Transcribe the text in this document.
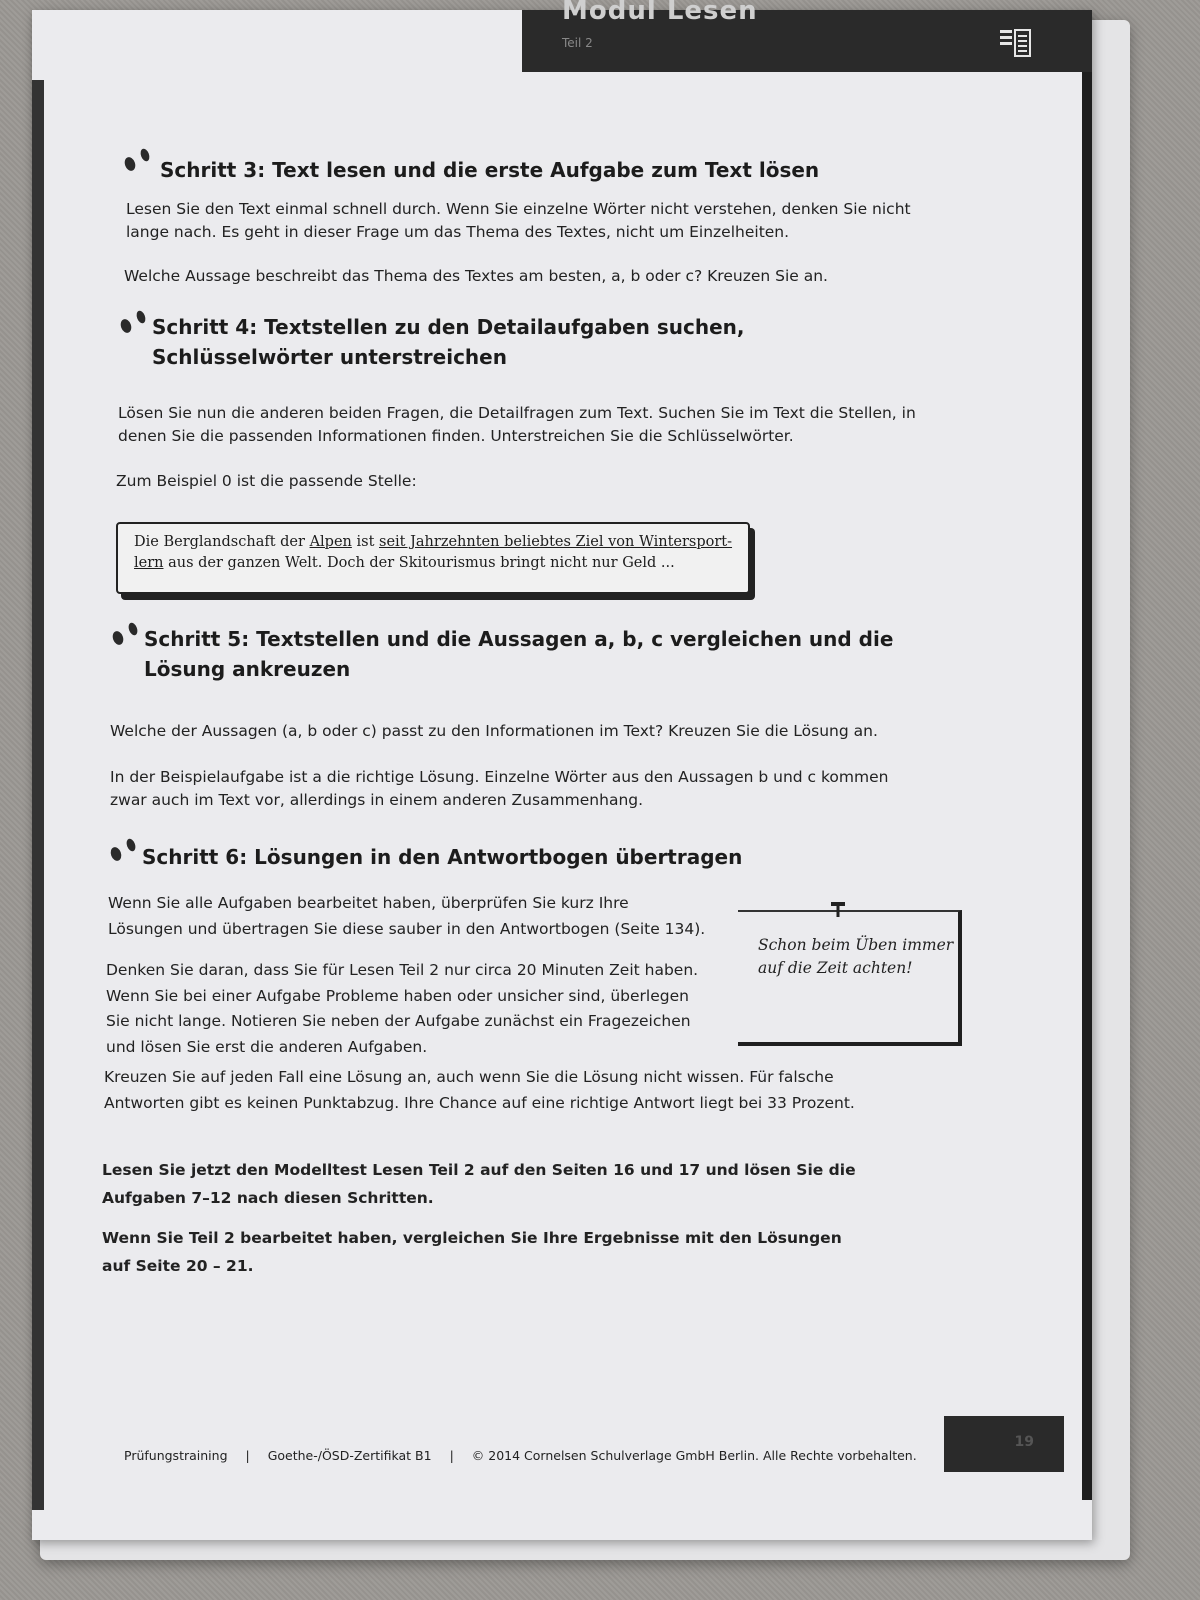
Modul Lesen
Teil 2
Schritt 3: Text lesen und die erste Aufgabe zum Text lösen

Lesen Sie den Text einmal schnell durch. Wenn Sie einzelne Wörter nicht verstehen, denken Sie nicht lange nach. Es geht in dieser Frage um das Thema des Textes, nicht um Einzelheiten.

Welche Aussage beschreibt das Thema des Textes am besten, a, b oder c? Kreuzen Sie an.

Schritt 4: Textstellen zu den Detailaufgaben suchen, Schlüsselwörter unterstreichen

Lösen Sie nun die anderen beiden Fragen, die Detailfragen zum Text. Suchen Sie im Text die Stellen, in denen Sie die passenden Informationen finden. Unterstreichen Sie die Schlüsselwörter.

Zum Beispiel 0 ist die passende Stelle:

Die Berglandschaft der Alpen ist seit Jahrzehnten beliebtes Ziel von Wintersport-lern aus der ganzen Welt. Doch der Skitourismus bringt nicht nur Geld ...
Schritt 5: Textstellen und die Aussagen a, b, c vergleichen und die Lösung ankreuzen

Welche der Aussagen (a, b oder c) passt zu den Informationen im Text? Kreuzen Sie die Lösung an.

In der Beispielaufgabe ist a die richtige Lösung. Einzelne Wörter aus den Aussagen b und c kommen zwar auch im Text vor, allerdings in einem anderen Zusammenhang.

Schritt 6: Lösungen in den Antwortbogen übertragen

Wenn Sie alle Aufgaben bearbeitet haben, überprüfen Sie kurz Ihre Lösungen und übertragen Sie diese sauber in den Antwortbogen (Seite 134).

Denken Sie daran, dass Sie für Lesen Teil 2 nur circa 20 Minuten Zeit haben. Wenn Sie bei einer Aufgabe Probleme haben oder unsicher sind, überlegen Sie nicht lange. Notieren Sie neben der Aufgabe zunächst ein Fragezeichen und lösen Sie erst die anderen Aufgaben.

Schon beim Üben immer auf die Zeit achten!

Kreuzen Sie auf jeden Fall eine Lösung an, auch wenn Sie die Lösung nicht wissen. Für falsche Antworten gibt es keinen Punktabzug. Ihre Chance auf eine richtige Antwort liegt bei 33 Prozent.

Lesen Sie jetzt den Modelltest Lesen Teil 2 auf den Seiten 16 und 17 und lösen Sie die Aufgaben 7–12 nach diesen Schritten.

Wenn Sie Teil 2 bearbeitet haben, vergleichen Sie Ihre Ergebnisse mit den Lösungen auf Seite 20 – 21.

Prüfungstraining | Goethe-/ÖSD-Zertifikat B1 | © 2014 Cornelsen Schulverlage GmbH Berlin. Alle Rechte vorbehalten.
19
